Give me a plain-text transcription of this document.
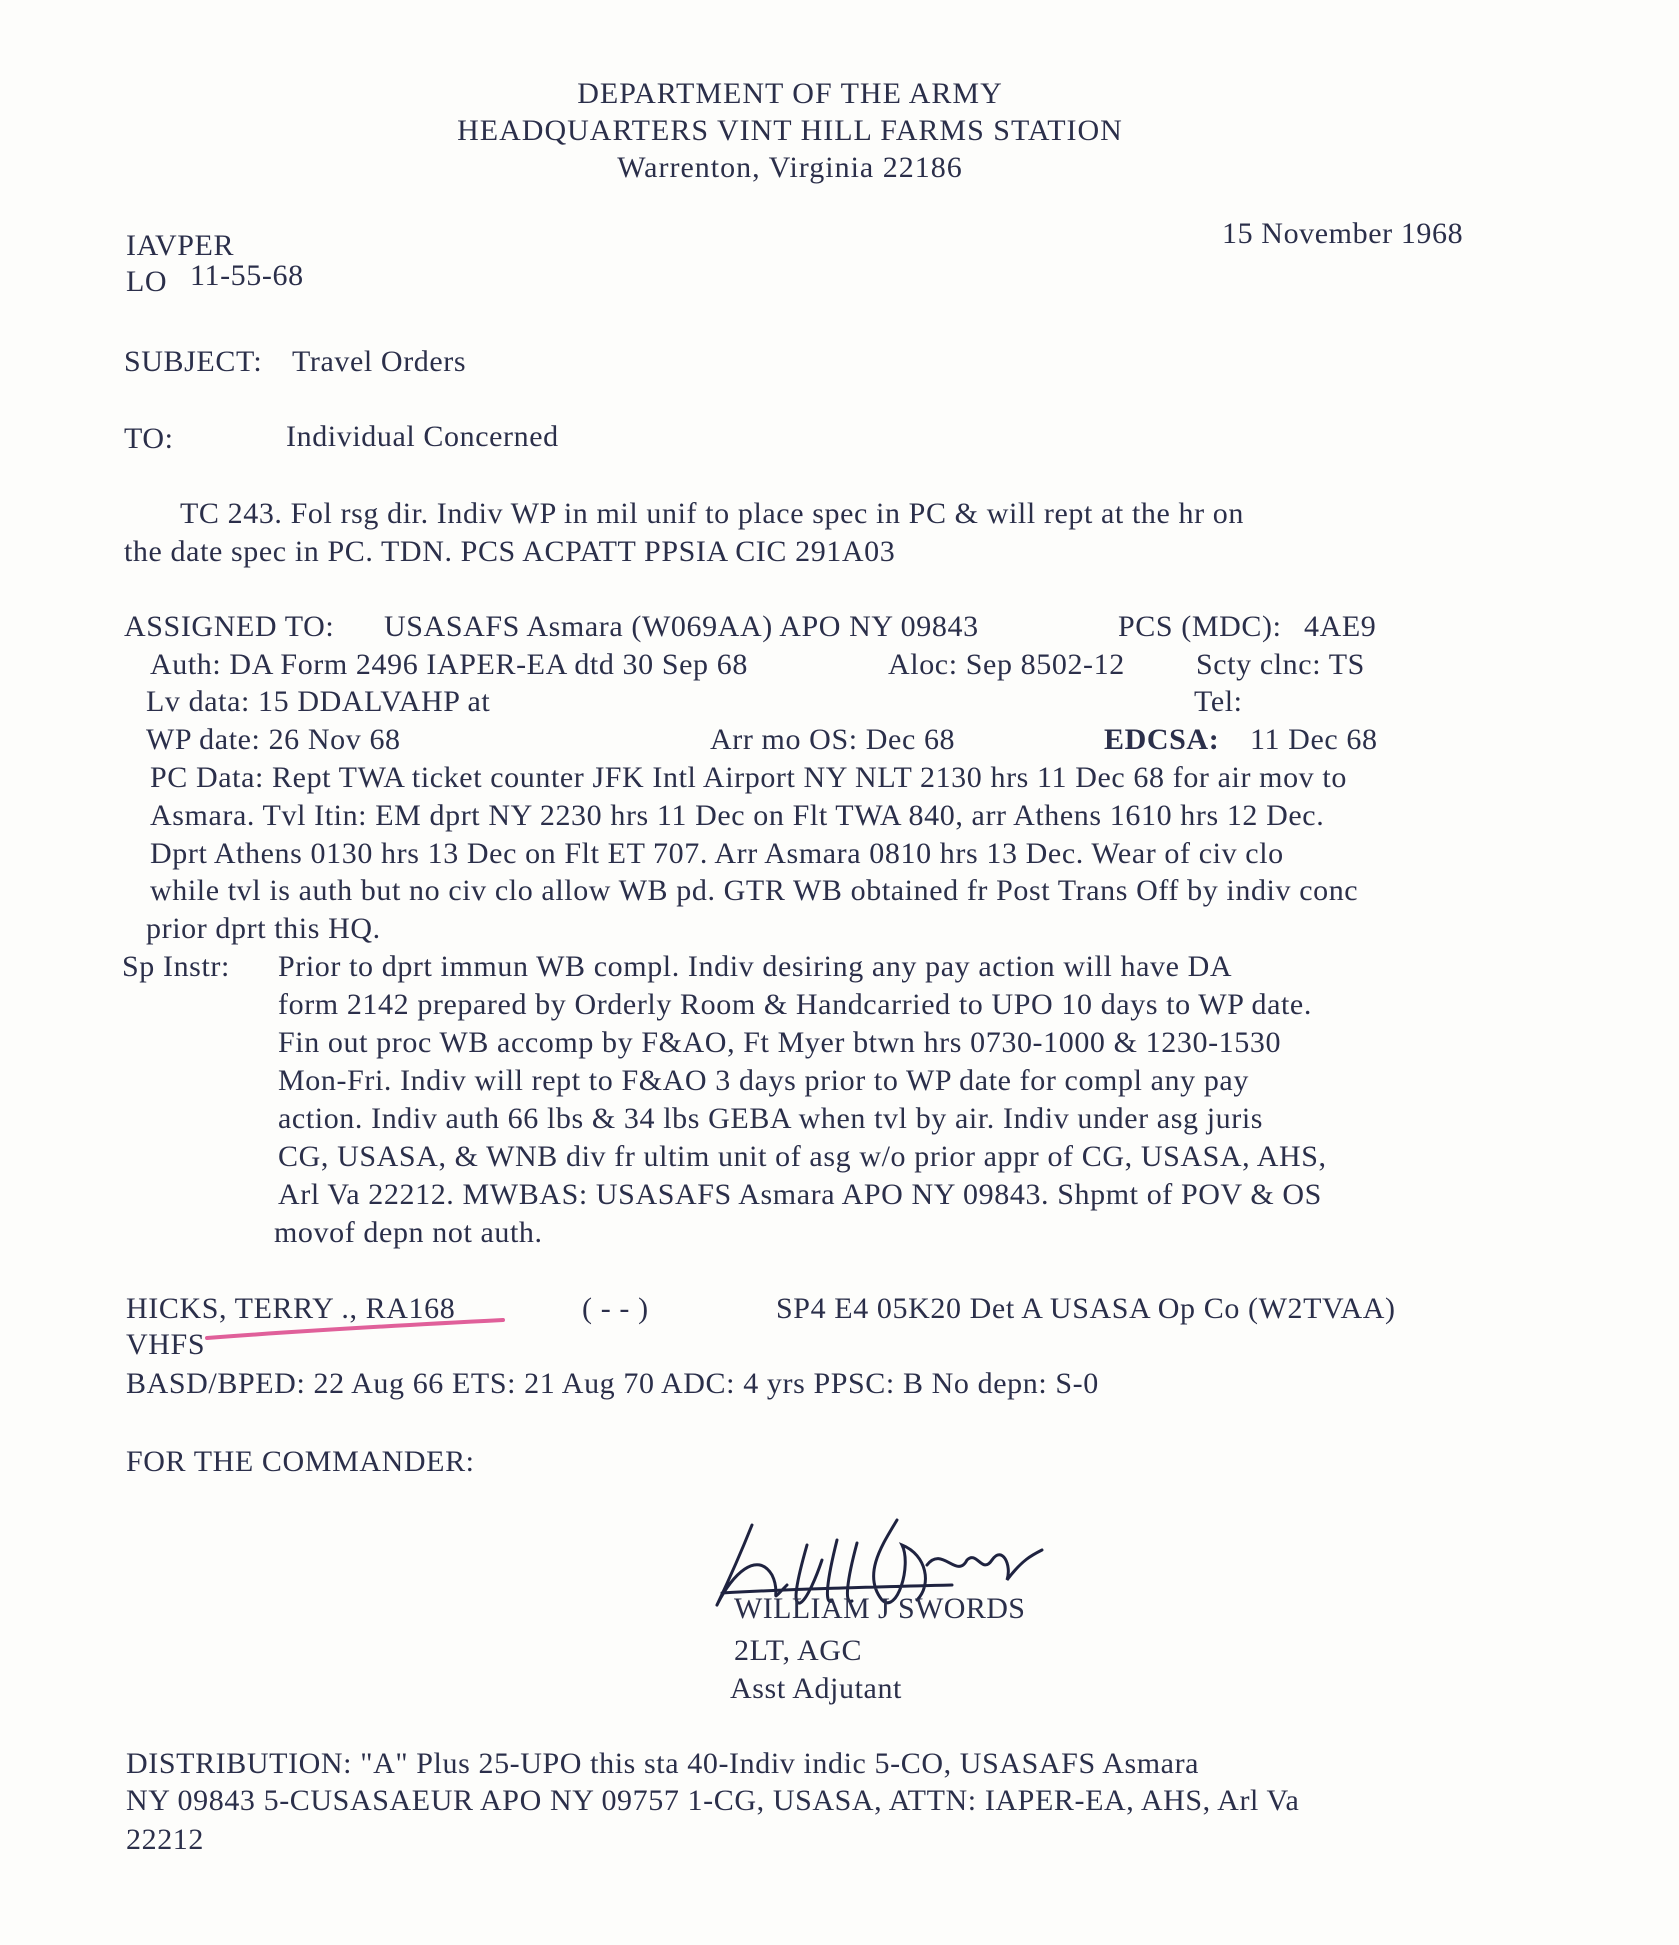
DEPARTMENT OF THE ARMY
HEADQUARTERS VINT HILL FARMS STATION
Warrenton, Virginia 22186
IAVPER
LO 11-55-68
15 November 1968
SUBJECT: Travel Orders
TO:	Individual Concerned
TC 243. Fol rsg dir. Indiv WP in mil unif to place spec in PC & will rept at the hr on
the date spec in PC. TDN. PCS ACPATT PPSIA CIC 291A03
ASSIGNED TO: USASAFS Asmara (W069AA) APO NY 09843	PCS (MDC): 4AE9
Auth: DA Form 2496 IAPER-EA dtd 30 Sep 68	Aloc: Sep 8502-12 Scty clnc: TS
Lv data: 15 DDALVAHP at	Tel:
WP date: 26 Nov 68	Arr mo OS: Dec 68	EDCSA: 11 Dec 68
PC Data: Rept TWA ticket counter JFK Intl Airport NY NLT 2130 hrs 11 Dec 68 for air mov to
Asmara. Tvl Itin: EM dprt NY 2230 hrs 11 Dec on Flt TWA 840, arr Athens 1610 hrs 12 Dec.
Dprt Athens 0130 hrs 13 Dec on Flt ET 707. Arr Asmara 0810 hrs 13 Dec. Wear of civ clo
while tvl is auth but no civ clo allow WB pd. GTR WB obtained fr Post Trans Off by indiv conc
prior dprt this HQ.
Sp Instr: Prior to dprt immun WB compl. Indiv desiring any pay action will have DA
form 2142 prepared by Orderly Room & Handcarried to UPO 10 days to WP date.
Fin out proc WB accomp by F&AO, Ft Myer btwn hrs 0730-1000 & 1230-1530
Mon-Fri. Indiv will rept to F&AO 3 days prior to WP date for compl any pay
action. Indiv auth 66 lbs & 34 lbs GEBA when tvl by air. Indiv under asg juris
CG, USASA, & WNB div fr ultim unit of asg w/o prior appr of CG, USASA, AHS,
Arl Va 22212. MWBAS: USASAFS Asmara APO NY 09843. Shpmt of POV & OS
movof depn not auth.
HICKS, TERRY ., RA168	( - - )	SP4 E4 05K20 Det A USASA Op Co (W2TVAA)
VHFS
BASD/BPED: 22 Aug 66 ETS: 21 Aug 70 ADC: 4 yrs PPSC: B No depn: S-0
FOR THE COMMANDER:
WILLIAM J SWORDS
2LT, AGC
Asst Adjutant
DISTRIBUTION: "A" Plus 25-UPO this sta 40-Indiv indic 5-CO, USASAFS Asmara
NY 09843 5-CUSASAEUR APO NY 09757 1-CG, USASA, ATTN: IAPER-EA, AHS, Arl Va
22212
